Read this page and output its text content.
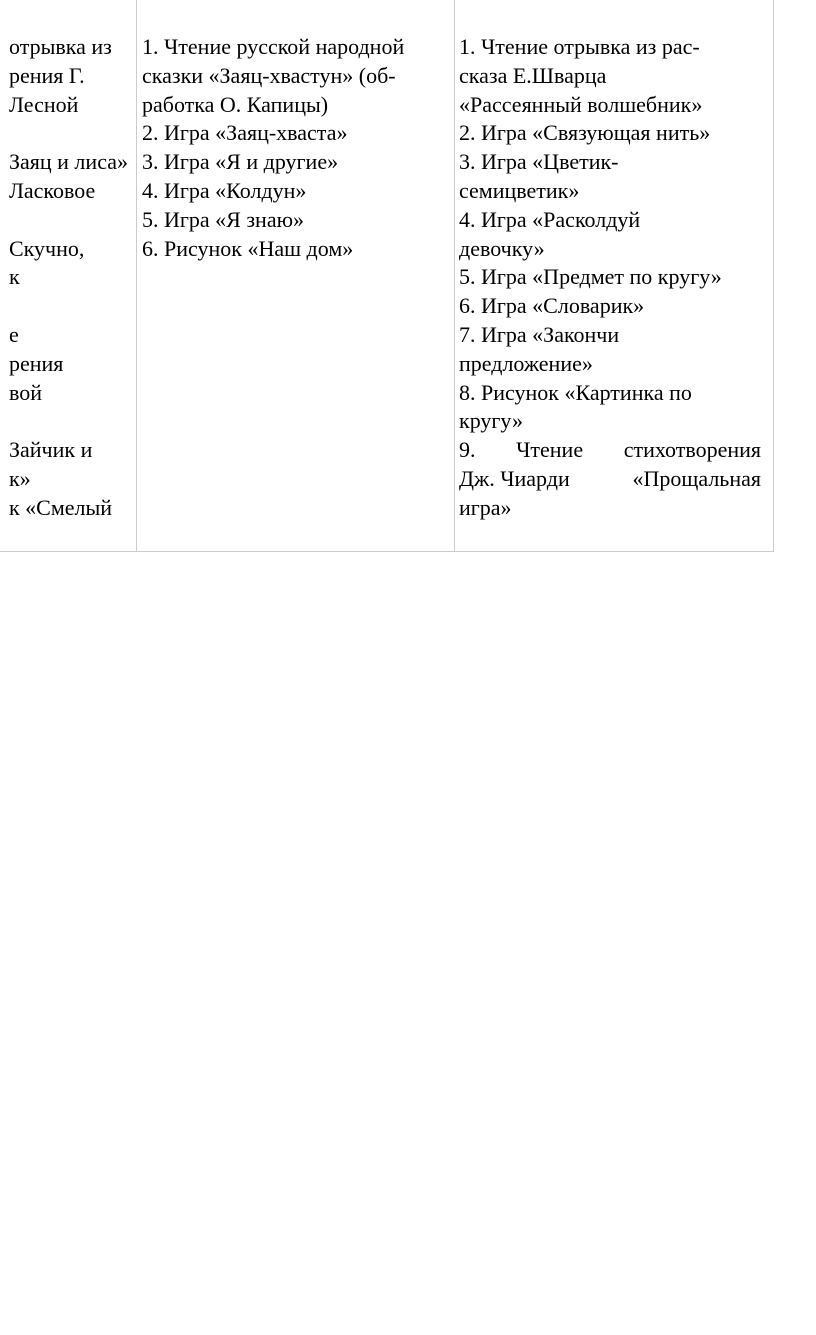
отрывка из
рения Г.
Лесной
Заяц и лиса»
Ласковое
Скучно,
к
е
рения
вой
Зайчик и
к»
к «Смелый
1. Чтение русской народной
сказки «Заяц-хвастун» (об-
работка О. Капицы)
2. Игра «Заяц-хваста»
3. Игра «Я и другие»
4. Игра «Колдун»
5. Игра «Я знаю»
6. Рисунок «Наш дом»
1. Чтение отрывка из рас-
сказа Е.Шварца
«Рассеянный волшебник»
2. Игра «Связующая нить»
3. Игра «Цветик-
семицветик»
4. Игра «Расколдуй
девочку»
5. Игра «Предмет по кругу»
6. Игра «Словарик»
7. Игра «Закончи
предложение»
8. Рисунок «Картинка по
кругу»
9. Чтение стихотворения
Дж. Чиарди	«Прощальная
игра»
